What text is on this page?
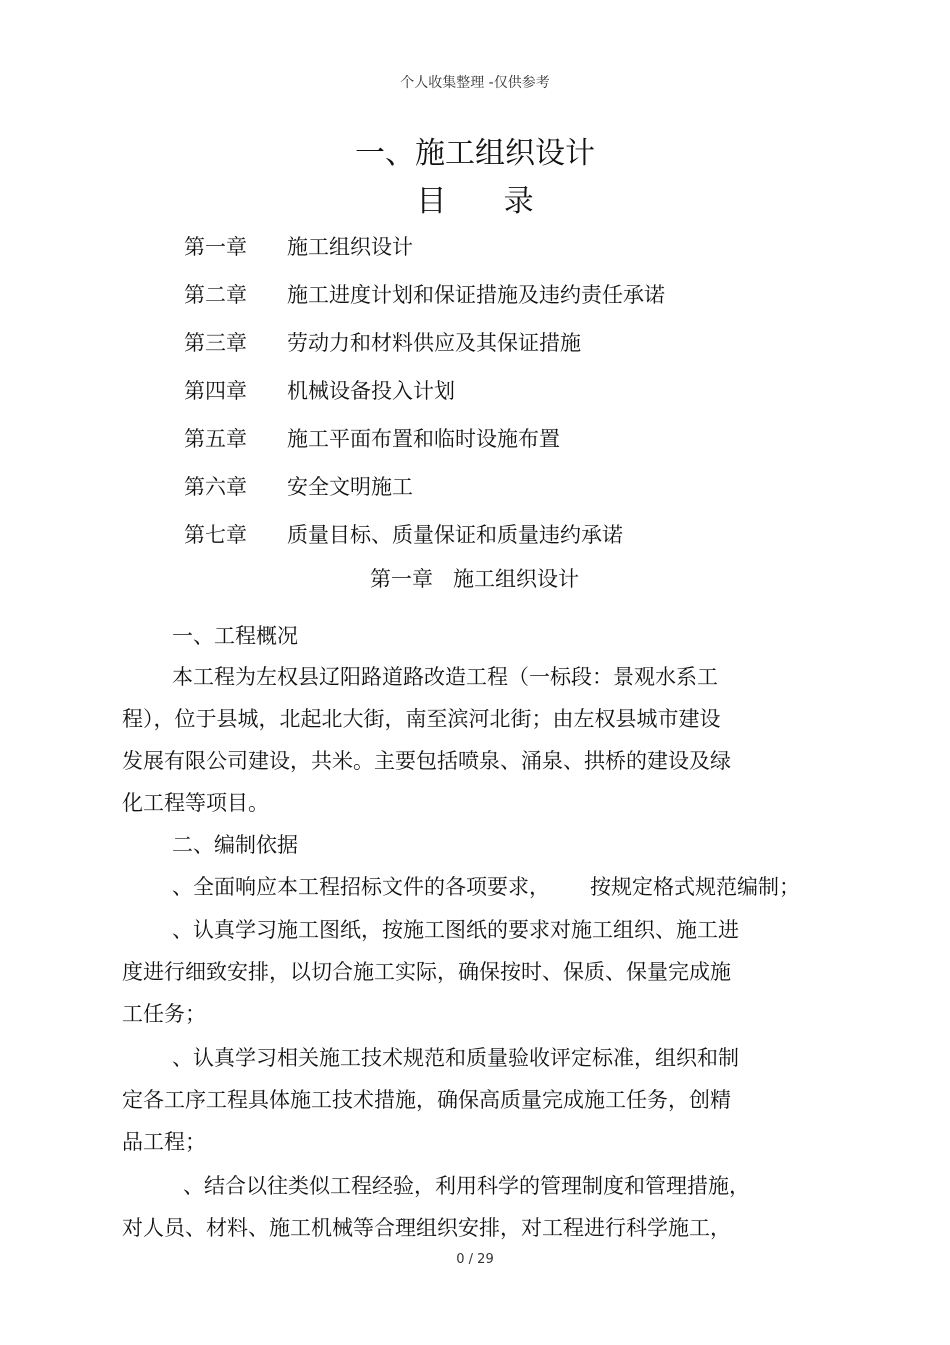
个人收集整理 -仅供参考
一、施工组织设计
目      录
第一章 施工组织设计
第二章 施工进度计划和保证措施及违约责任承诺
第三章 劳动力和材料供应及其保证措施
第四章 机械设备投入计划
第五章 施工平面布置和临时设施布置
第六章 安全文明施工
第七章 质量目标、质量保证和质量违约承诺
第一章   施工组织设计
一、工程概况
本工程为左权县辽阳路道路改造工程（一标段：景观水系工
程），位于县城，北起北大街，南至滨河北街；由左权县城市建设
发展有限公司建设，共米。主要包括喷泉、涌泉、拱桥的建设及绿
化工程等项目。
二、编制依据
、全面响应本工程招标文件的各项要求，      按规定格式规范编制；
、认真学习施工图纸，按施工图纸的要求对施工组织、施工进
度进行细致安排，以切合施工实际，确保按时、保质、保量完成施
工任务；
、认真学习相关施工技术规范和质量验收评定标准，组织和制
定各工序工程具体施工技术措施，确保高质量完成施工任务，创精
品工程；
、结合以往类似工程经验，利用科学的管理制度和管理措施，
对人员、材料、施工机械等合理组织安排，对工程进行科学施工，
0 / 29
